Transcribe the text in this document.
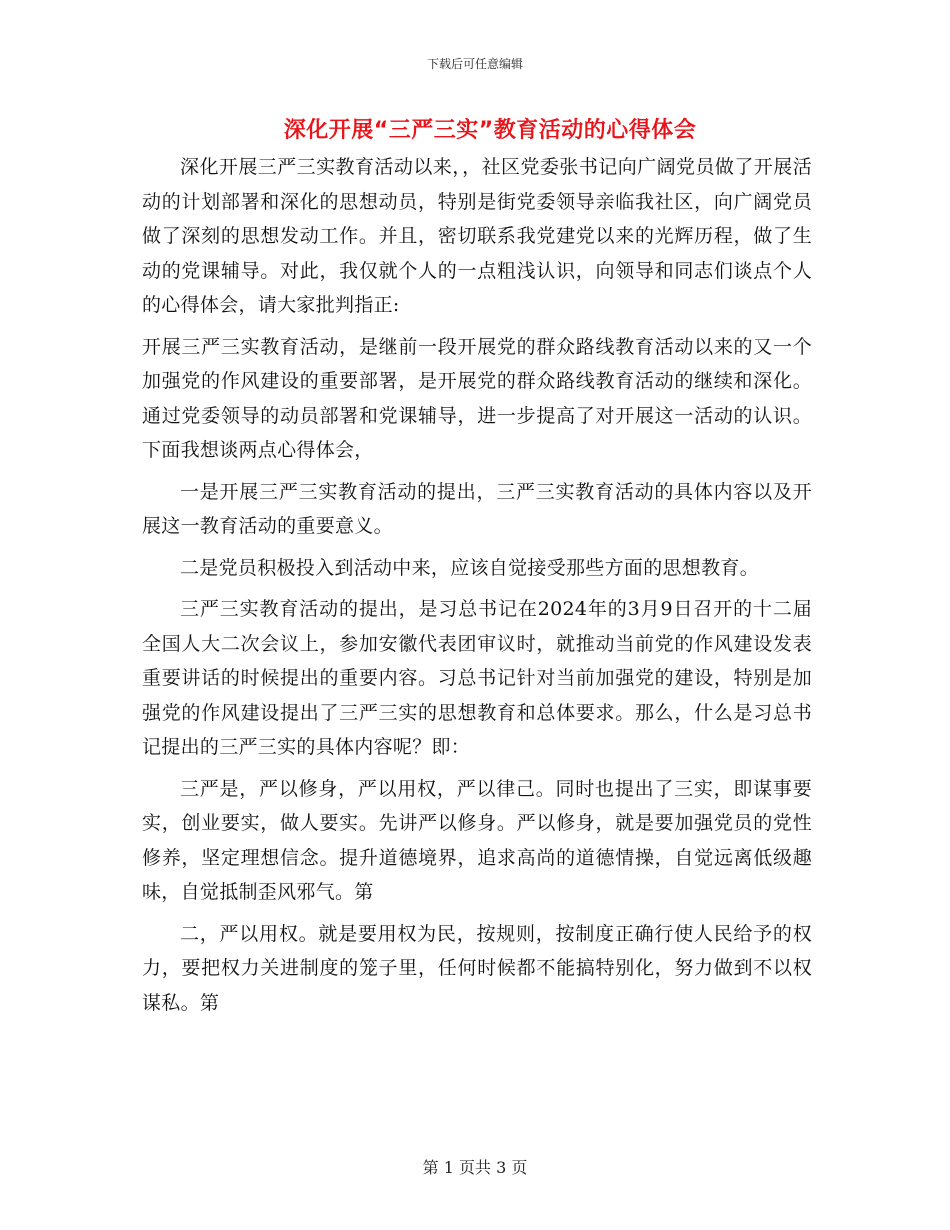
下载后可任意编辑
深化开展“三严三实”教育活动的心得体会

深化开展三严三实教育活动以来，，社区党委张书记向广阔党员做了开展活动的计划部署和深化的思想动员，特别是街党委领导亲临我社区，向广阔党员做了深刻的思想发动工作。并且，密切联系我党建党以来的光辉历程，做了生动的党课辅导。对此，我仅就个人的一点粗浅认识，向领导和同志们谈点个人的心得体会，请大家批判指正:

开展三严三实教育活动，是继前一段开展党的群众路线教育活动以来的又一个加强党的作风建设的重要部署，是开展党的群众路线教育活动的继续和深化。通过党委领导的动员部署和党课辅导，进一步提高了对开展这一活动的认识。下面我想谈两点心得体会，

一是开展三严三实教育活动的提出，三严三实教育活动的具体内容以及开展这一教育活动的重要意义。

二是党员积极投入到活动中来，应该自觉接受那些方面的思想教育。

三严三实教育活动的提出，是习总书记在2024年的3月9日召开的十二届全国人大二次会议上，参加安徽代表团审议时，就推动当前党的作风建设发表重要讲话的时候提出的重要内容。习总书记针对当前加强党的建设，特别是加强党的作风建设提出了三严三实的思想教育和总体要求。那么，什么是习总书记提出的三严三实的具体内容呢？即：

三严是，严以修身，严以用权，严以律己。同时也提出了三实，即谋事要实，创业要实，做人要实。先讲严以修身。严以修身，就是要加强党员的党性修养，坚定理想信念。提升道德境界，追求高尚的道德情操，自觉远离低级趣味，自觉抵制歪风邪气。第

二，严以用权。就是要用权为民，按规则，按制度正确行使人民给予的权力，要把权力关进制度的笼子里，任何时候都不能搞特别化，努力做到不以权谋私。第

第 1 页共 3 页
